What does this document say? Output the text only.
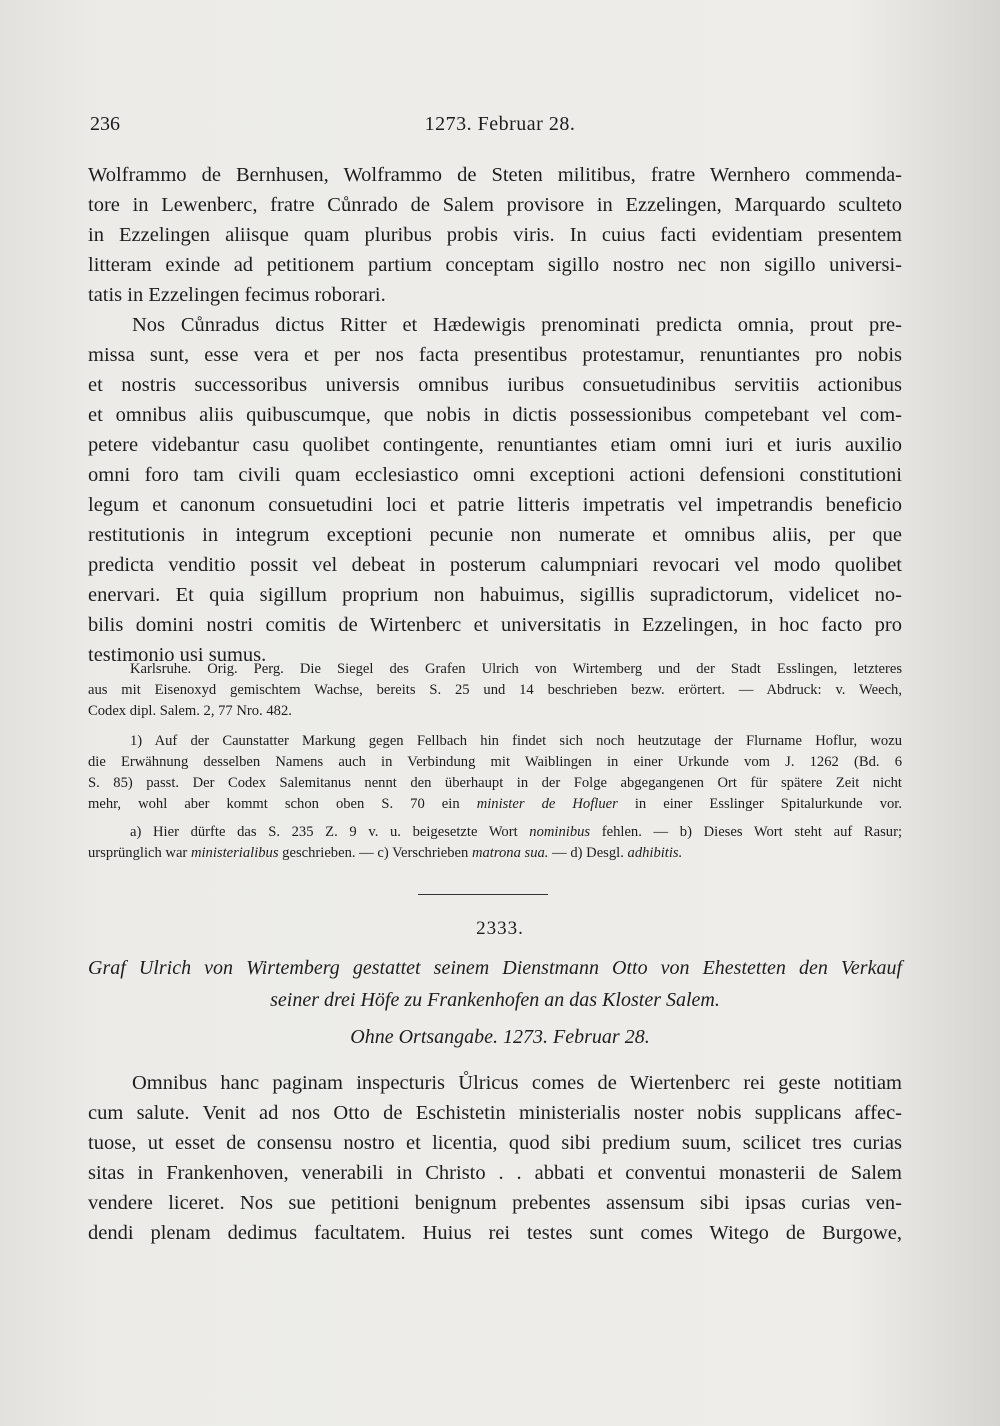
236	1273. Februar 28.
Wolframmo de Bernhusen, Wolframmo de Steten militibus, fratre Wernhero commenda-
tore in Lewenberc, fratre Cůnrado de Salem provisore in Ezzelingen, Marquardo sculteto
in Ezzelingen aliisque quam pluribus probis viris. In cuius facti evidentiam presentem
litteram exinde ad petitionem partium conceptam sigillo nostro nec non sigillo universi-
tatis in Ezzelingen fecimus roborari.
Nos Cůnradus dictus Ritter et Hædewigis prenominati predicta omnia, prout pre-
missa sunt, esse vera et per nos facta presentibus protestamur, renuntiantes pro nobis
et nostris successoribus universis omnibus iuribus consuetudinibus servitiis actionibus
et omnibus aliis quibuscumque, que nobis in dictis possessionibus competebant vel com-
petere videbantur casu quolibet contingente, renuntiantes etiam omni iuri et iuris auxilio
omni foro tam civili quam ecclesiastico omni exceptioni actioni defensioni constitutioni
legum et canonum consuetudini loci et patrie litteris impetratis vel impetrandis beneficio
restitutionis in integrum exceptioni pecunie non numerate et omnibus aliis, per que
predicta venditio possit vel debeat in posterum calumpniari revocari vel modo quolibet
enervari. Et quia sigillum proprium non habuimus, sigillis supradictorum, videlicet no-
bilis domini nostri comitis de Wirtenberc et universitatis in Ezzelingen, in hoc facto pro
testimonio usi sumus.
Karlsruhe. Orig. Perg. Die Siegel des Grafen Ulrich von Wirtemberg und der Stadt Esslingen, letzteres
aus mit Eisenoxyd gemischtem Wachse, bereits S. 25 und 14 beschrieben bezw. erörtert. — Abdruck: v. Weech,
Codex dipl. Salem. 2, 77 Nro. 482.
1) Auf der Caunstatter Markung gegen Fellbach hin findet sich noch heutzutage der Flurname Hoflur, wozu
die Erwähnung desselben Namens auch in Verbindung mit Waiblingen in einer Urkunde vom J. 1262 (Bd. 6
S. 85) passt. Der Codex Salemitanus nennt den überhaupt in der Folge abgegangenen Ort für spätere Zeit nicht
mehr, wohl aber kommt schon oben S. 70 ein minister de Hofluer in einer Esslinger Spitalurkunde vor.
a) Hier dürfte das S. 235 Z. 9 v. u. beigesetzte Wort nominibus fehlen. — b) Dieses Wort steht auf Rasur;
ursprünglich war ministerialibus geschrieben. — c) Verschrieben matrona sua. — d) Desgl. adhibitis.
2333.
Graf Ulrich von Wirtemberg gestattet seinem Dienstmann Otto von Ehestetten den Verkauf
seiner drei Höfe zu Frankenhofen an das Kloster Salem.
Ohne Ortsangabe. 1273. Februar 28.
Omnibus hanc paginam inspecturis Ůlricus comes de Wiertenberc rei geste notitiam
cum salute. Venit ad nos Otto de Eschistetin ministerialis noster nobis supplicans affec-
tuose, ut esset de consensu nostro et licentia, quod sibi predium suum, scilicet tres curias
sitas in Frankenhoven, venerabili in Christo . . abbati et conventui monasterii de Salem
vendere liceret. Nos sue petitioni benignum prebentes assensum sibi ipsas curias ven-
dendi plenam dedimus facultatem. Huius rei testes sunt comes Witego de Burgowe,
